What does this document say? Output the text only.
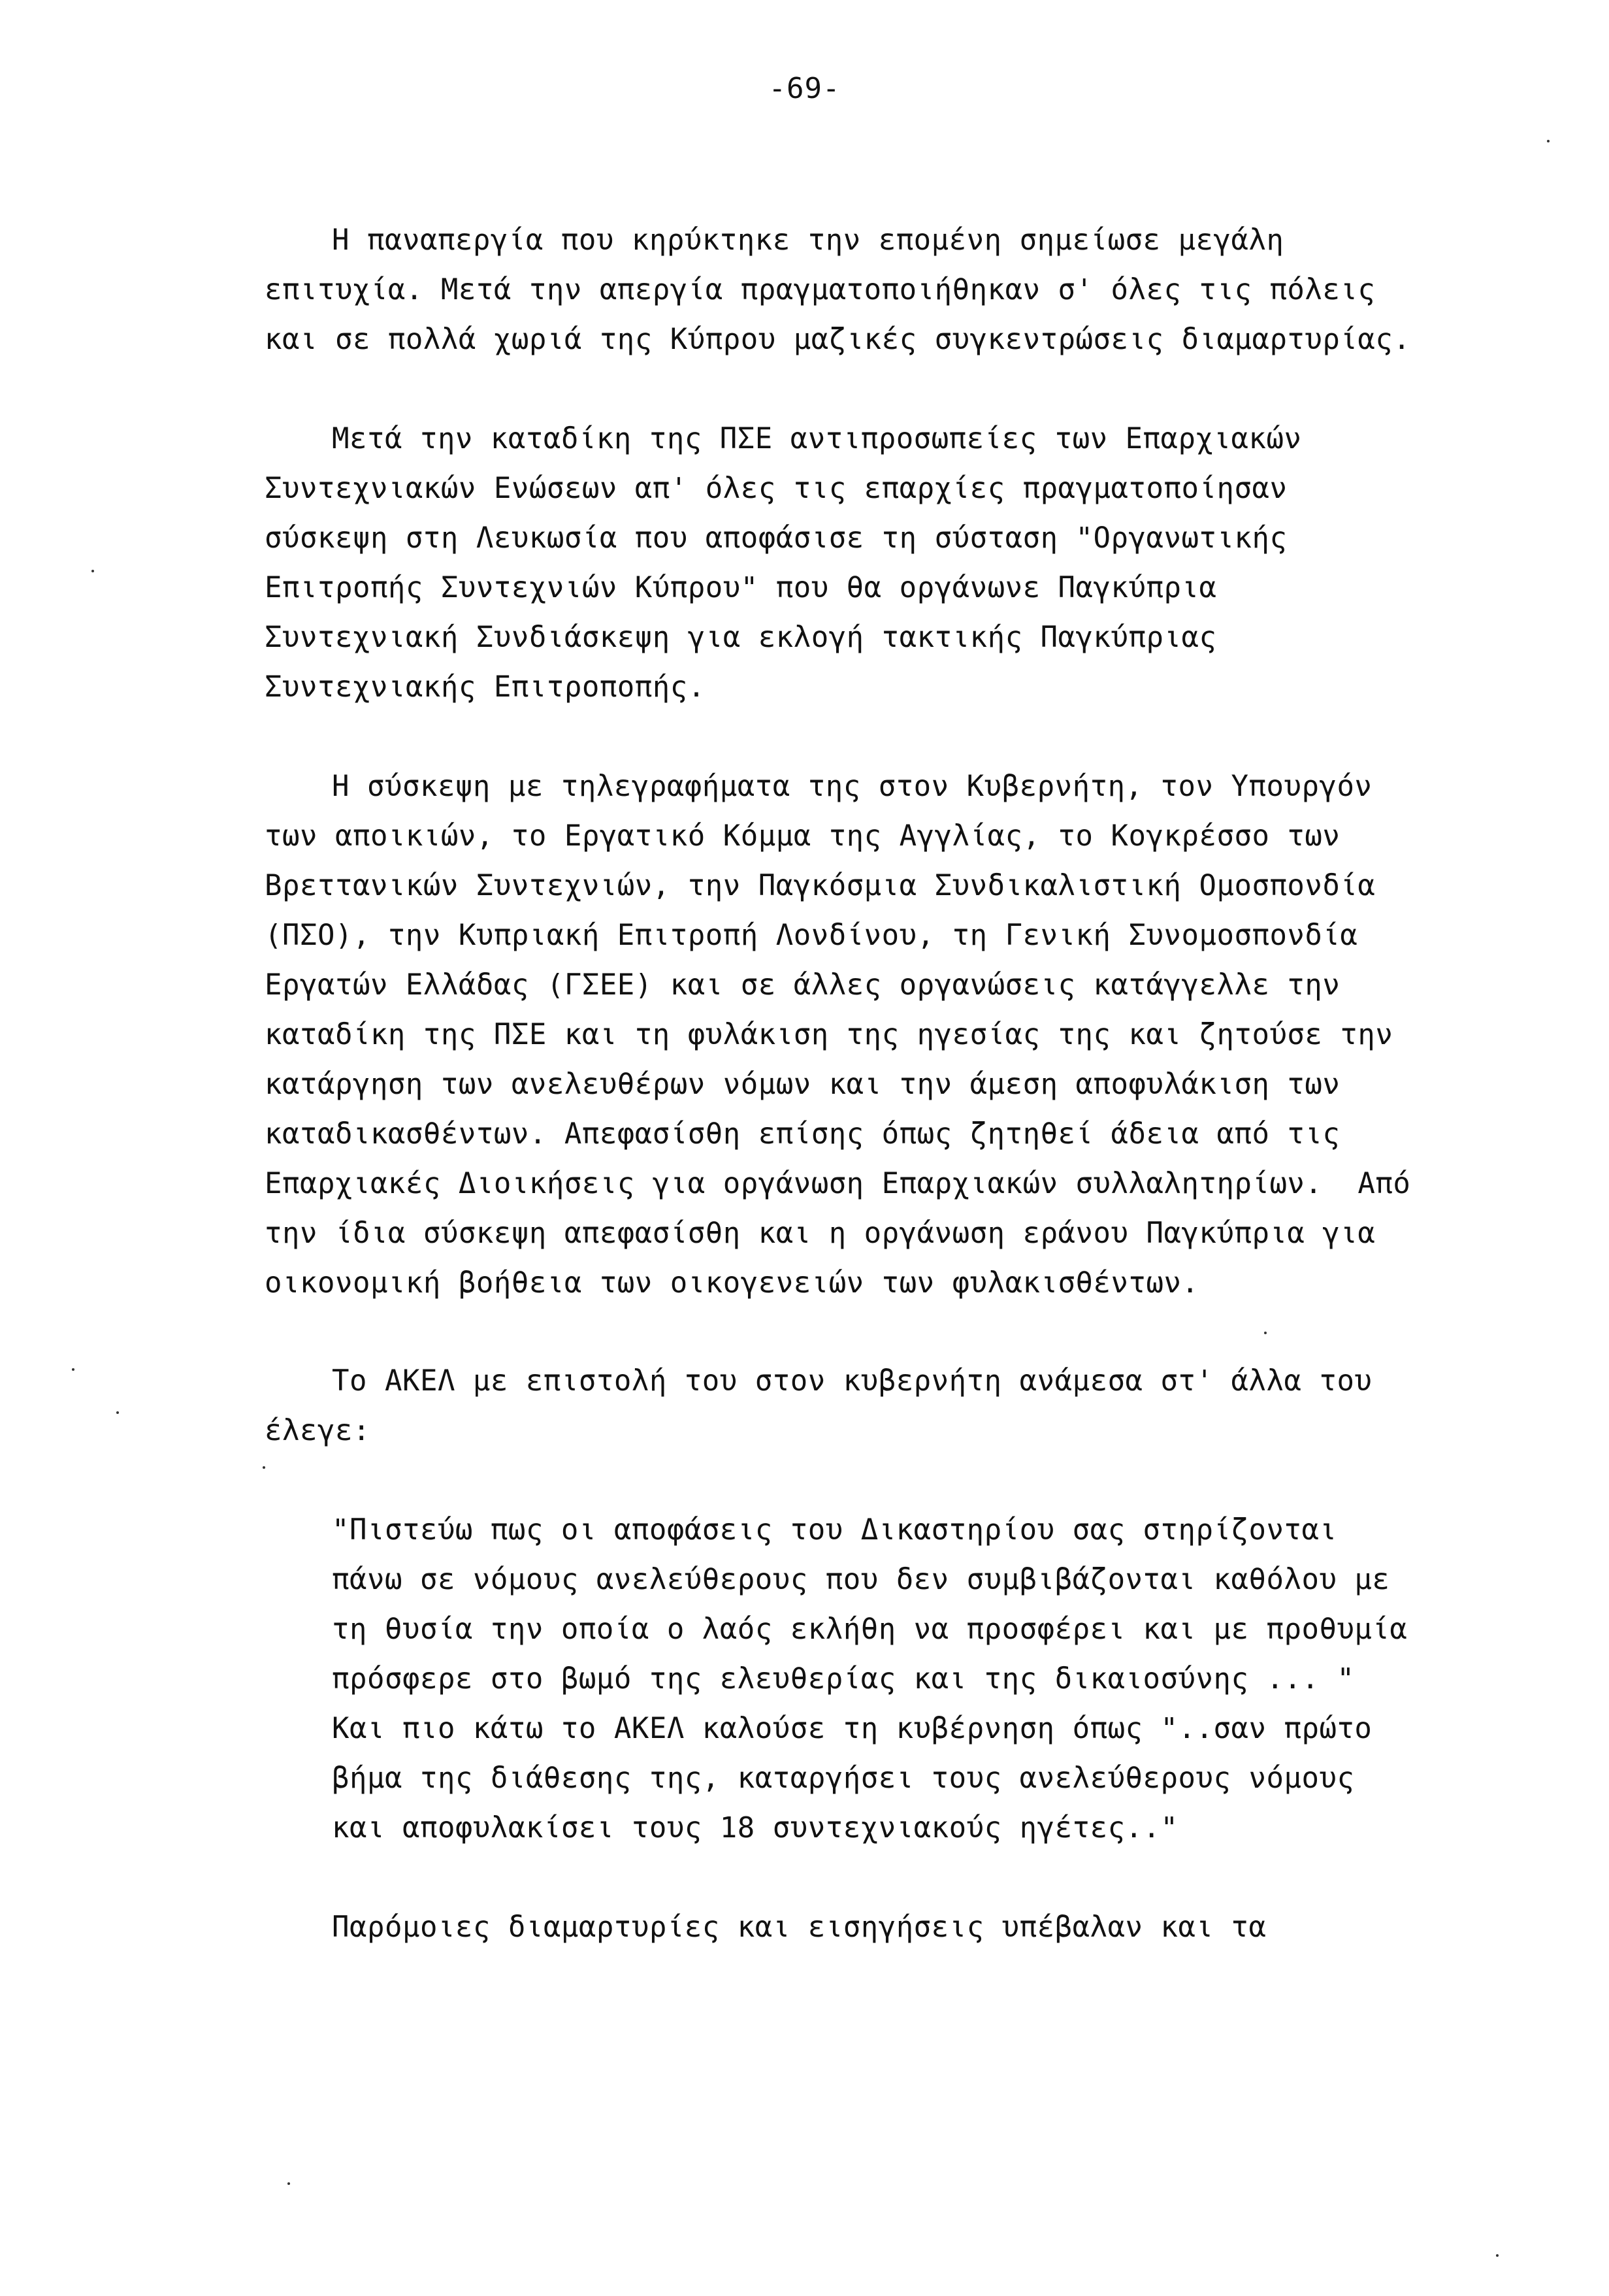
-69-
Η παναπεργία που κηρύκτηκε την επομένη σημείωσε μεγάλη
επιτυχία. Μετά την απεργία πραγματοποιήθηκαν σ' όλες τις πόλεις
και σε πολλά χωριά της Κύπρου μαζικές συγκεντρώσεις διαμαρτυρίας.
Μετά την καταδίκη της ΠΣΕ αντιπροσωπείες των Επαρχιακών
Συντεχνιακών Ενώσεων απ' όλες τις επαρχίες πραγματοποίησαν
σύσκεψη στη Λευκωσία που αποφάσισε τη σύσταση "Οργανωτικής
Επιτροπής Συντεχνιών Κύπρου" που θα οργάνωνε Παγκύπρια
Συντεχνιακή Συνδιάσκεψη για εκλογή τακτικής Παγκύπριας
Συντεχνιακής Επιτροποπής.
Η σύσκεψη με τηλεγραφήματα της στον Κυβερνήτη, τον Υπουργόν
των αποικιών, το Εργατικό Κόμμα της Αγγλίας, το Κογκρέσσο των
Βρεττανικών Συντεχνιών, την Παγκόσμια Συνδικαλιστική Ομοσπονδία
(ΠΣΟ), την Κυπριακή Επιτροπή Λονδίνου, τη Γενική Συνομοσπονδία
Εργατών Ελλάδας (ΓΣΕΕ) και σε άλλες οργανώσεις κατάγγελλε την
καταδίκη της ΠΣΕ και τη φυλάκιση της ηγεσίας της και ζητούσε την
κατάργηση των ανελευθέρων νόμων και την άμεση αποφυλάκιση των
καταδικασθέντων. Απεφασίσθη επίσης όπως ζητηθεί άδεια από τις
Επαρχιακές Διοικήσεις για οργάνωση Επαρχιακών συλλαλητηρίων.  Από
την ίδια σύσκεψη απεφασίσθη και η οργάνωση εράνου Παγκύπρια για
οικονομική βοήθεια των οικογενειών των φυλακισθέντων.
Το ΑΚΕΛ με επιστολή του στον κυβερνήτη ανάμεσα στ' άλλα του
έλεγε:
"Πιστεύω πως οι αποφάσεις του Δικαστηρίου σας στηρίζονται
πάνω σε νόμους ανελεύθερους που δεν συμβιβάζονται καθόλου με
τη θυσία την οποία ο λαός εκλήθη να προσφέρει και με προθυμία
πρόσφερε στο βωμό της ελευθερίας και της δικαιοσύνης ... "
Και πιο κάτω το ΑΚΕΛ καλούσε τη κυβέρνηση όπως "..σαν πρώτο
βήμα της διάθεσης της, καταργήσει τους ανελεύθερους νόμους
και αποφυλακίσει τους 18 συντεχνιακούς ηγέτες.."
Παρόμοιες διαμαρτυρίες και εισηγήσεις υπέβαλαν και τα
